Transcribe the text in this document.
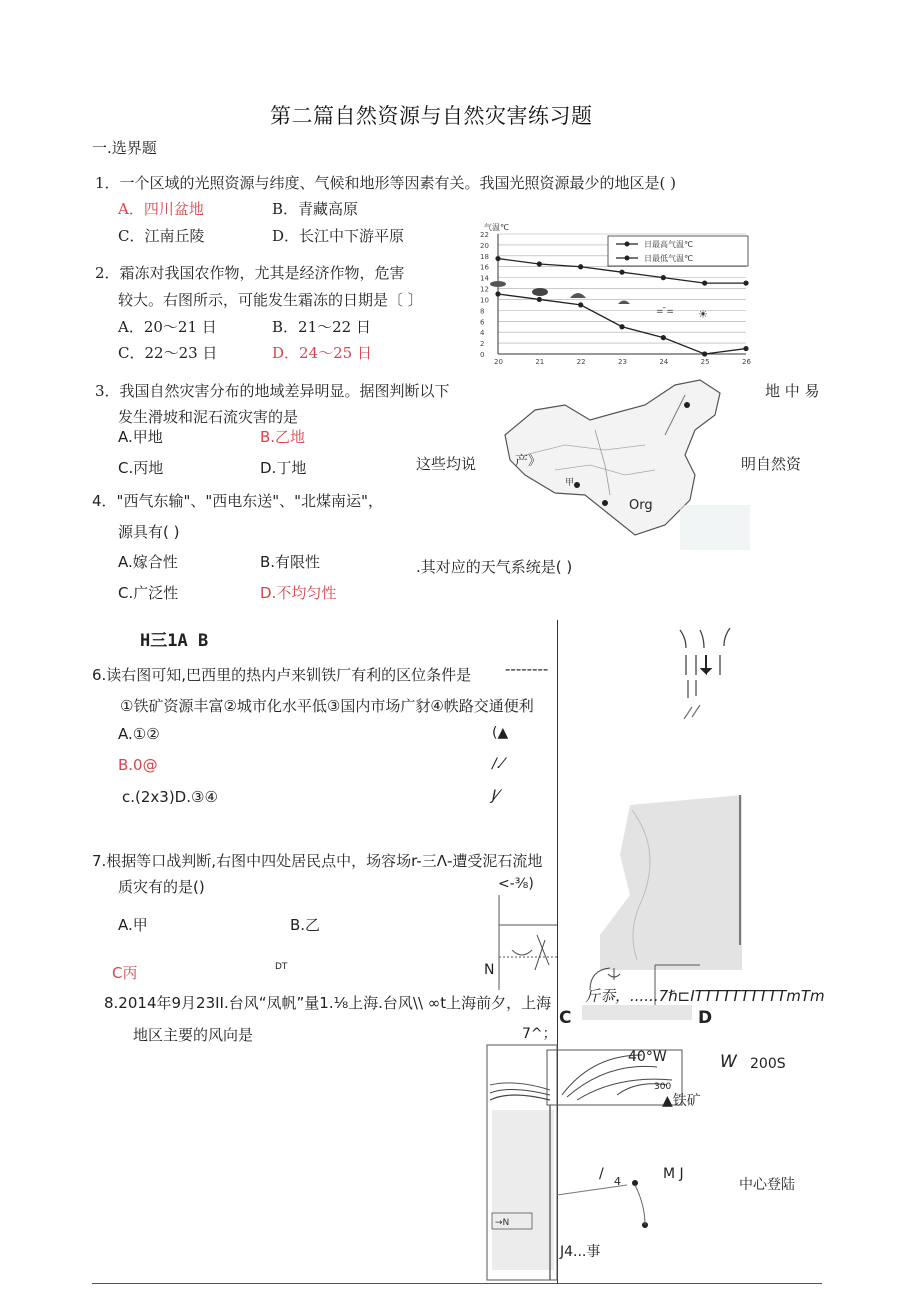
第二篇自然资源与自然灾害练习题
一.选界题
1．一个区域的光照资源与纬度、气候和地形等因素有关。我国光照资源最少的地区是( )
A．四川盆地	B．青藏高原
C．江南丘陵	D．长江中下游平原
2．霜冻对我国农作物，尤其是经济作物，危害
较大。右图所示，可能发生霜冻的日期是〔 〕
A．20～21 日	B．21～22 日
C．22～23 日	D．24～25 日	0
2
4
6
8
10
12
14
16
18
20
22
20	21	22	23	24	25	26
= ̄= ☀
日最高气温℃
日最低气温℃
气温℃
3．我国自然灾害分布的地域差异明显。据图判断以下	地 中 易
发生滑坡和泥石流灾害的是
A.甲地	B.乙地
C.丙地	D.丁地	这些均说	明自然资
甲
产》
Org
4．"西气东输"、"西电东送"、"北煤南运"，
源具有( )
A.嫁合性	B.有限性
C.广泛性	D.不均匀性
.其对应的天气系统是( )
H三1A B
6.读右图可知,巴西里的热内卢来钏铁厂有利的区位条件是 --------
①铁矿资源丰富②城市化水平低③国内市场广豺④帙路交通便利
A.①②
B.0@
c.(2x3)D.③④
(▲
/.⁄
J⁄
7.根据等口战判断,右图中四处居民点中，场容场r-三Λ-遭受泥石流地
质灾有的是()	<-⅜)
A.甲	B.乙
C丙	DT	N
8.2014年9月23II.台风“凤帆”量1.⅛上海.台风\\ ∞t上海前夕，上海
地区主要的风向是
斤忝，......7ℏ⊏ITTTTTTTTTTmTm
7^；
C	D
→N
40°W	W 200S
▲铁矿
300
/ 4	M J
中心登陆
J4...事
